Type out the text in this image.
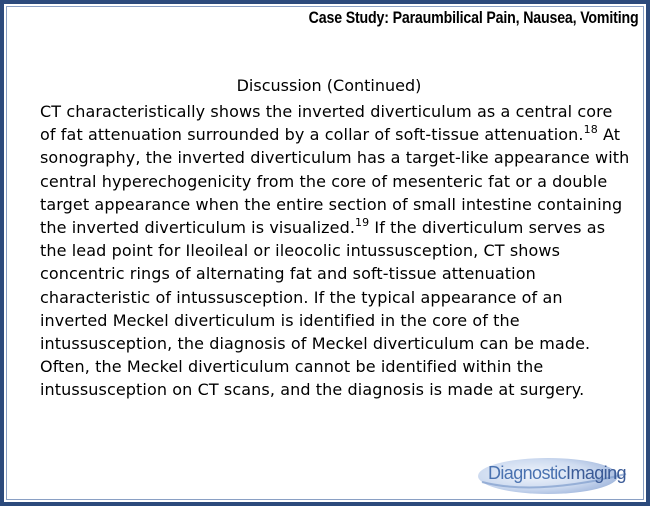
Case Study: Paraumbilical Pain, Nausea, Vomiting
Discussion (Continued)

CT characteristically shows the inverted diverticulum as a central core of fat attenuation surrounded by a collar of soft-tissue attenuation.$^{18}$ At sonography, the inverted diverticulum has a target-like appearance with central hyperechogenicity from the core of mesenteric fat or a double target appearance when the entire section of small intestine containing the inverted diverticulum is visualized.$^{19}$ If the diverticulum serves as the lead point for Ileoileal or ileocolic intussusception, CT shows concentric rings of alternating fat and soft-tissue attenuation characteristic of intussusception. If the typical appearance of an inverted Meckel diverticulum is identified in the core of the intussusception, the diagnosis of Meckel diverticulum can be made. Often, the Meckel diverticulum cannot be identified within the intussusception on CT scans, and the diagnosis is made at surgery.

DiagnosticImaging
